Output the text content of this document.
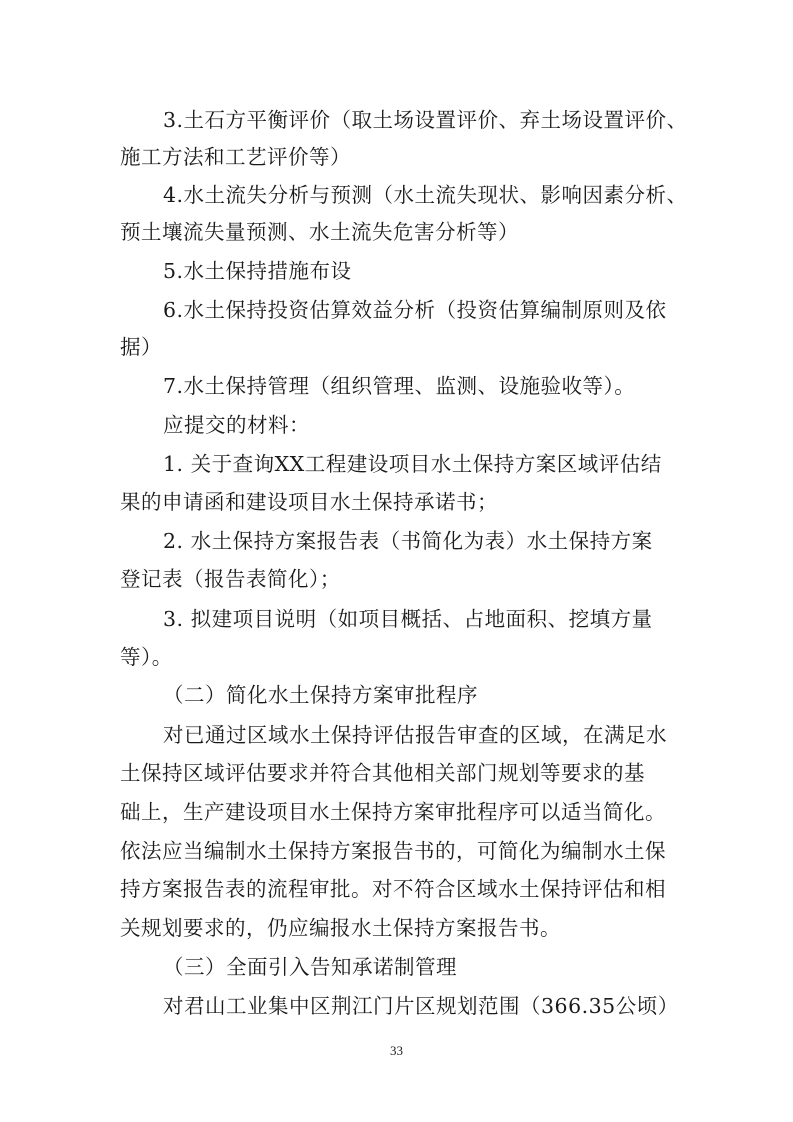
3.土石方平衡评价（取土场设置评价、弃土场设置评价、
施工方法和工艺评价等）
4.水土流失分析与预测（水土流失现状、影响因素分析、
预土壤流失量预测、水土流失危害分析等）
5.水土保持措施布设
6.水土保持投资估算效益分析（投资估算编制原则及依
据）
7.水土保持管理（组织管理、监测、设施验收等）。
应提交的材料：
1. 关于查询XX工程建设项目水土保持方案区域评估结
果的申请函和建设项目水土保持承诺书；
2. 水土保持方案报告表（书简化为表）水土保持方案
登记表（报告表简化）；
3. 拟建项目说明（如项目概括、占地面积、挖填方量
等）。
（二）简化水土保持方案审批程序
对已通过区域水土保持评估报告审查的区域，在满足水
土保持区域评估要求并符合其他相关部门规划等要求的基
础上，生产建设项目水土保持方案审批程序可以适当简化。
依法应当编制水土保持方案报告书的，可简化为编制水土保
持方案报告表的流程审批。对不符合区域水土保持评估和相
关规划要求的，仍应编报水土保持方案报告书。
（三）全面引入告知承诺制管理
对君山工业集中区荆江门片区规划范围（366.35公顷）
33
